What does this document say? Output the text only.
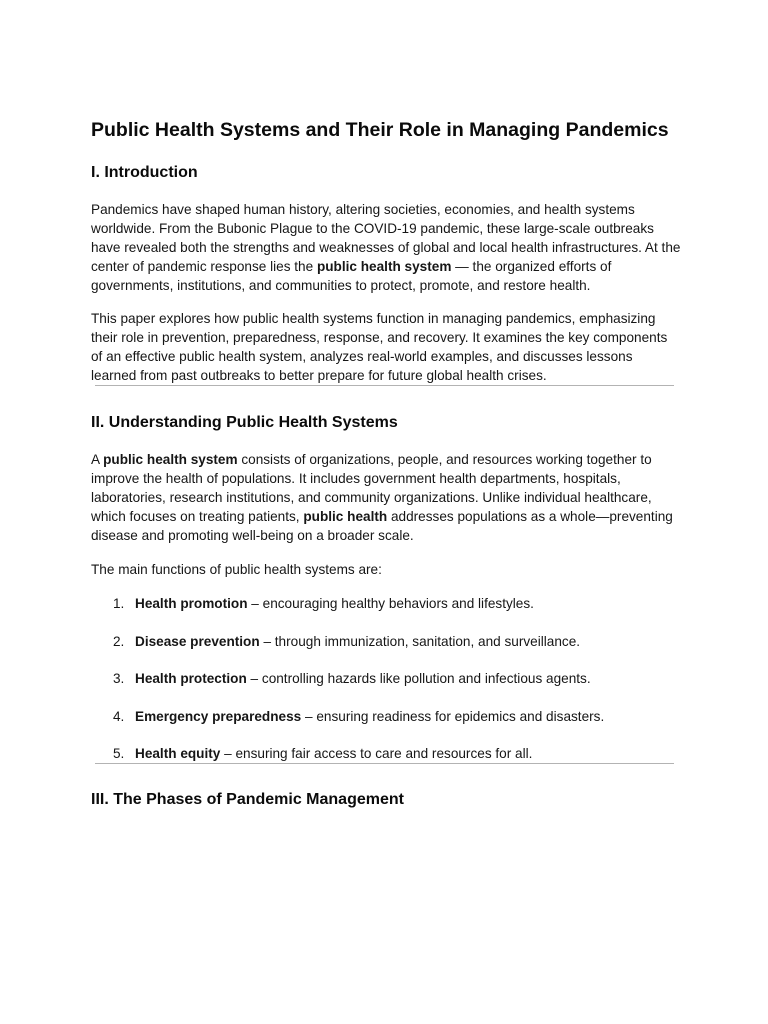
Public Health Systems and Their Role in Managing Pandemics
I. Introduction

Pandemics have shaped human history, altering societies, economies, and health systems worldwide. From the Bubonic Plague to the COVID-19 pandemic, these large-scale outbreaks have revealed both the strengths and weaknesses of global and local health infrastructures. At the center of pandemic response lies the public health system — the organized efforts of governments, institutions, and communities to protect, promote, and restore health.

This paper explores how public health systems function in managing pandemics, emphasizing their role in prevention, preparedness, response, and recovery. It examines the key components of an effective public health system, analyzes real-world examples, and discusses lessons learned from past outbreaks to better prepare for future global health crises.

II. Understanding Public Health Systems

A public health system consists of organizations, people, and resources working together to improve the health of populations. It includes government health departments, hospitals, laboratories, research institutions, and community organizations. Unlike individual healthcare, which focuses on treating patients, public health addresses populations as a whole—preventing disease and promoting well-being on a broader scale.

The main functions of public health systems are:

1. Health promotion – encouraging healthy behaviors and lifestyles.
2. Disease prevention – through immunization, sanitation, and surveillance.
3. Health protection – controlling hazards like pollution and infectious agents.
4. Emergency preparedness – ensuring readiness for epidemics and disasters.
5. Health equity – ensuring fair access to care and resources for all.
III. The Phases of Pandemic Management
